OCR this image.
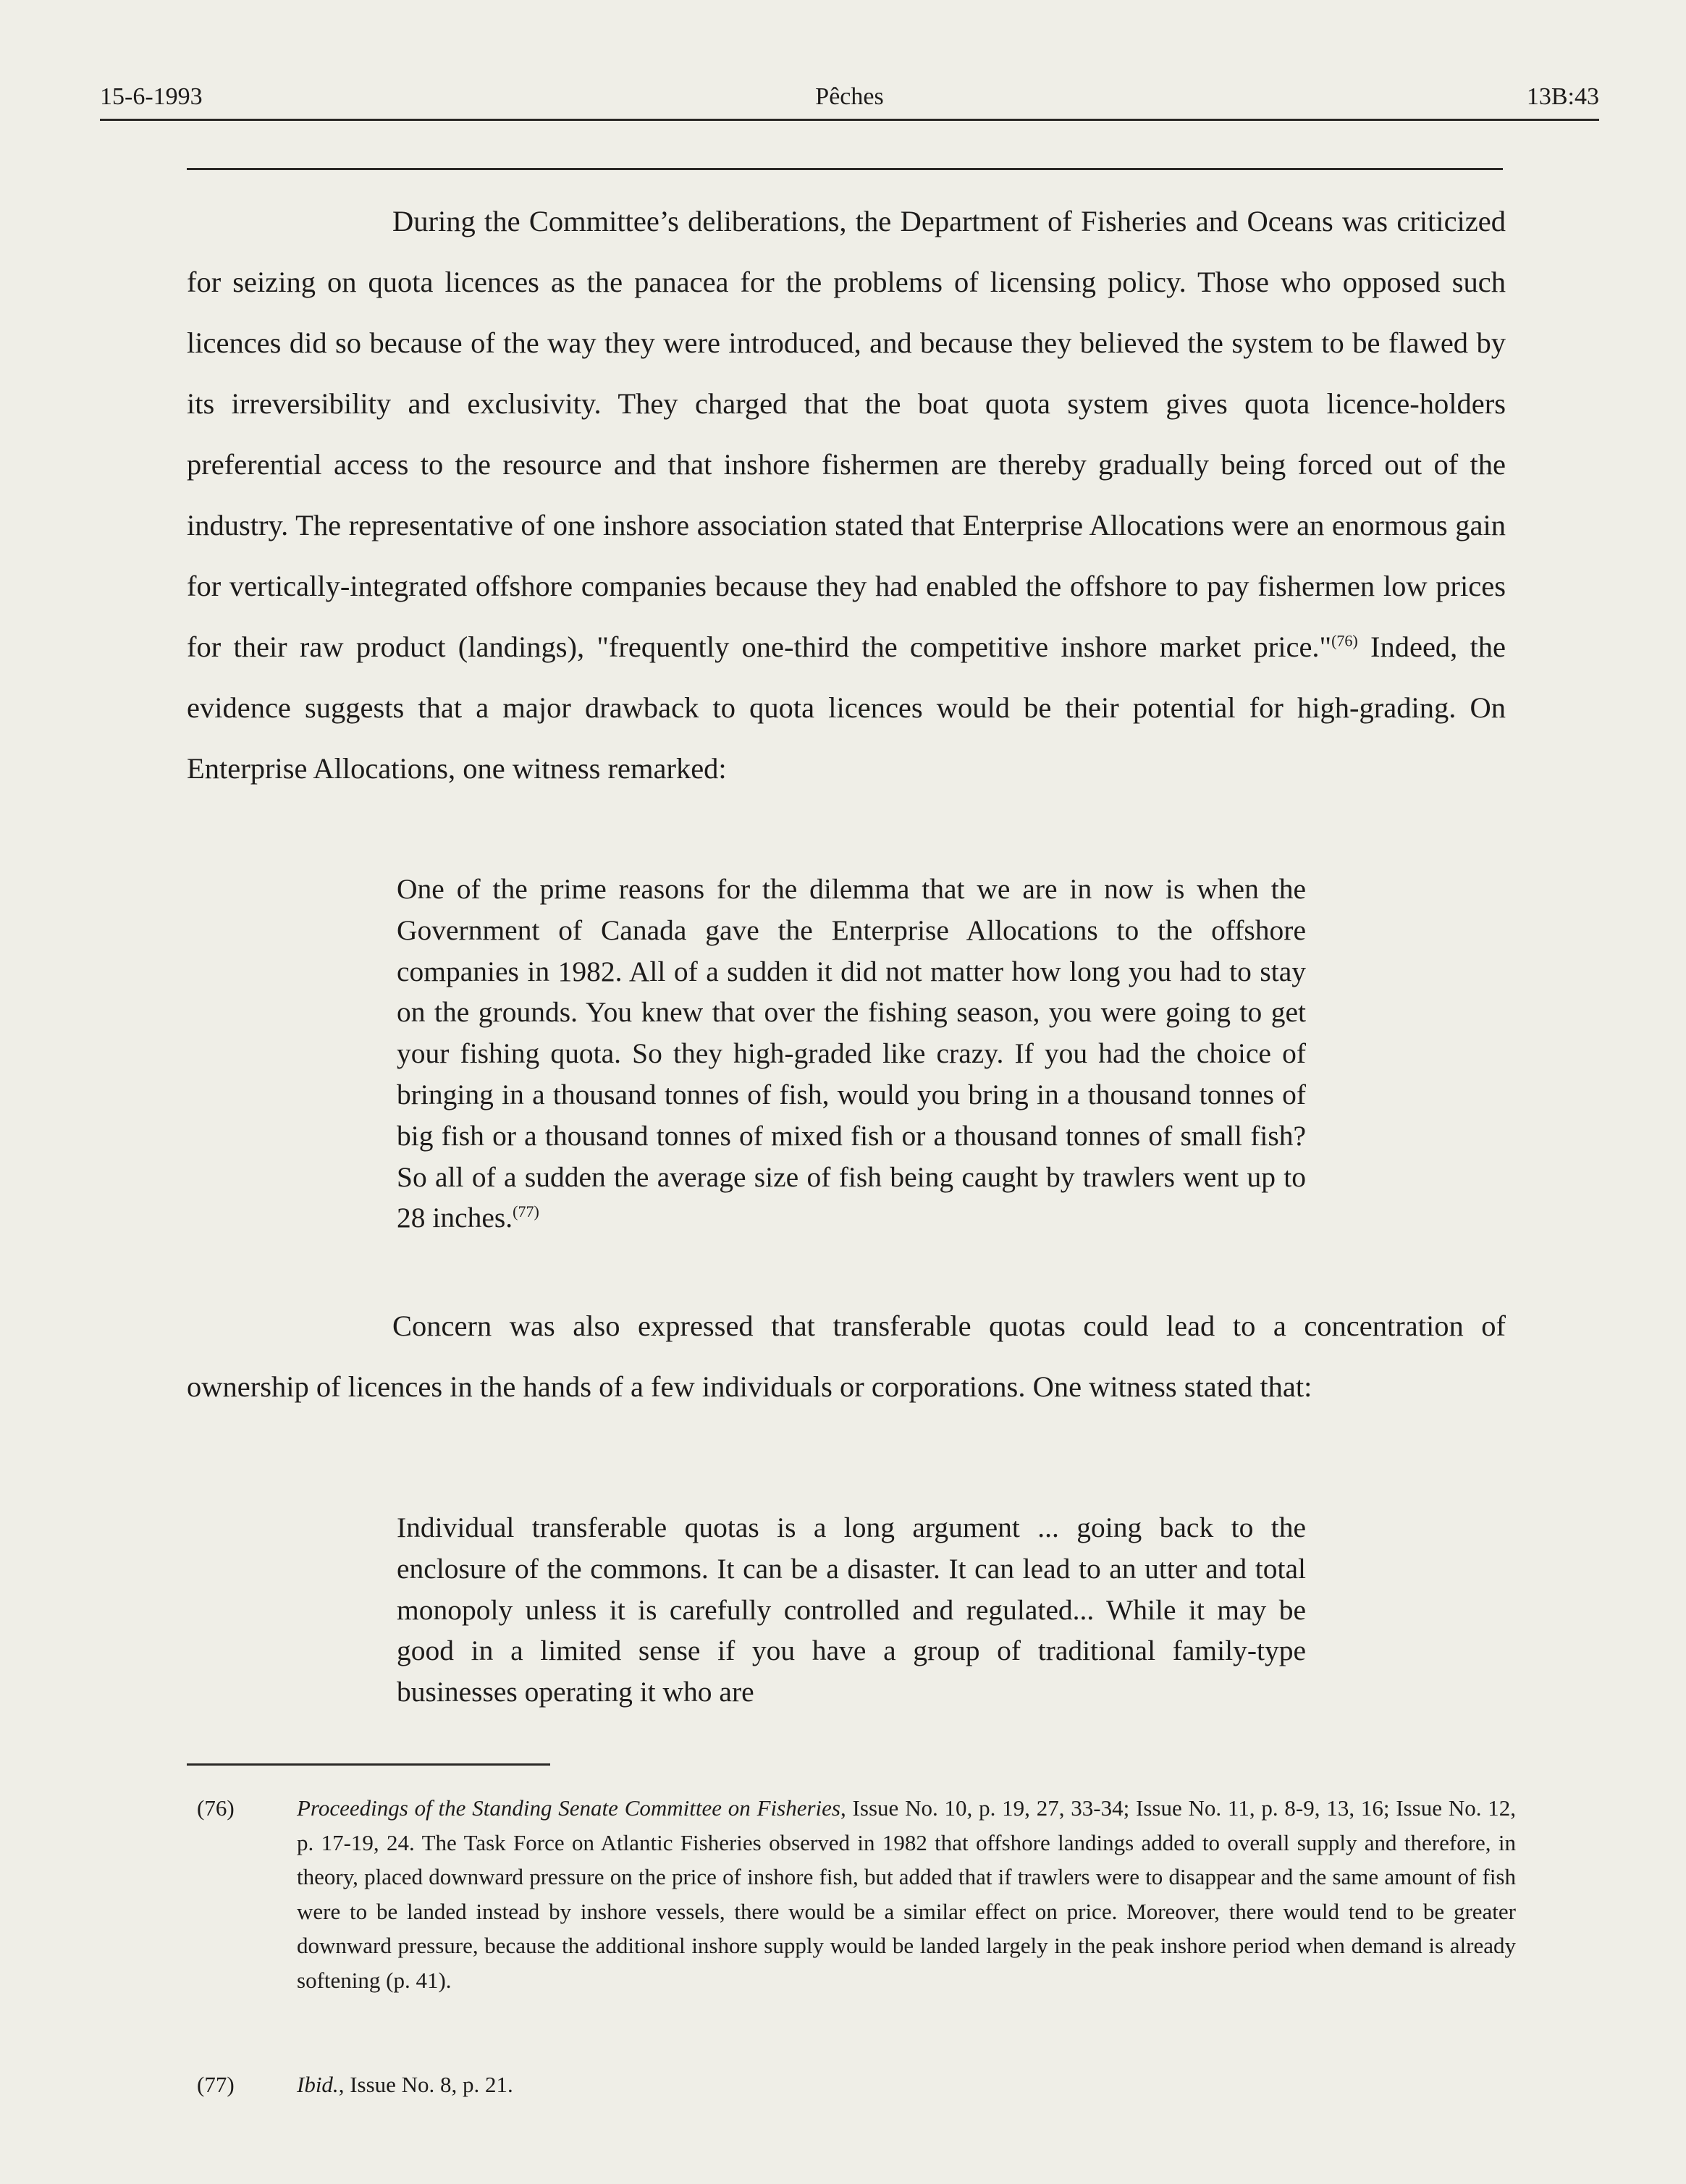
15-6-1993	Pêches	13B:43

During the Committee’s deliberations, the Department of Fisheries and Oceans was criticized for seizing on quota licences as the panacea for the problems of licensing policy. Those who opposed such licences did so because of the way they were introduced, and because they believed the system to be flawed by its irreversibility and exclusivity. They charged that the boat quota system gives quota licence-holders preferential access to the resource and that inshore fishermen are thereby gradually being forced out of the industry. The representative of one inshore association stated that Enterprise Allocations were an enormous gain for vertically-integrated offshore companies because they had enabled the offshore to pay fishermen low prices for their raw product (landings), "frequently one-third the competitive inshore market price."$^{(76)}$ Indeed, the evidence suggests that a major drawback to quota licences would be their potential for high-grading. On Enterprise Allocations, one witness remarked:

One of the prime reasons for the dilemma that we are in now is when the Government of Canada gave the Enterprise Allocations to the offshore companies in 1982. All of a sudden it did not matter how long you had to stay on the grounds. You knew that over the fishing season, you were going to get your fishing quota. So they high-graded like crazy. If you had the choice of bringing in a thousand tonnes of fish, would you bring in a thousand tonnes of big fish or a thousand tonnes of mixed fish or a thousand tonnes of small fish? So all of a sudden the average size of fish being caught by trawlers went up to 28 inches.$^{(77)}$

Concern was also expressed that transferable quotas could lead to a concentration of ownership of licences in the hands of a few individuals or corporations. One witness stated that:

Individual transferable quotas is a long argument ... going back to the enclosure of the commons. It can be a disaster. It can lead to an utter and total monopoly unless it is carefully controlled and regulated... While it may be good in a limited sense if you have a group of traditional family-type businesses operating it who are

(76)	Proceedings of the Standing Senate Committee on Fisheries, Issue No. 10, p. 19, 27, 33-34; Issue No. 11, p. 8-9, 13, 16; Issue No. 12, p. 17-19, 24. The Task Force on Atlantic Fisheries observed in 1982 that offshore landings added to overall supply and therefore, in theory, placed downward pressure on the price of inshore fish, but added that if trawlers were to disappear and the same amount of fish were to be landed instead by inshore vessels, there would be a similar effect on price. Moreover, there would tend to be greater downward pressure, because the additional inshore supply would be landed largely in the peak inshore period when demand is already softening (p. 41).
(77)	Ibid., Issue No. 8, p. 21.
